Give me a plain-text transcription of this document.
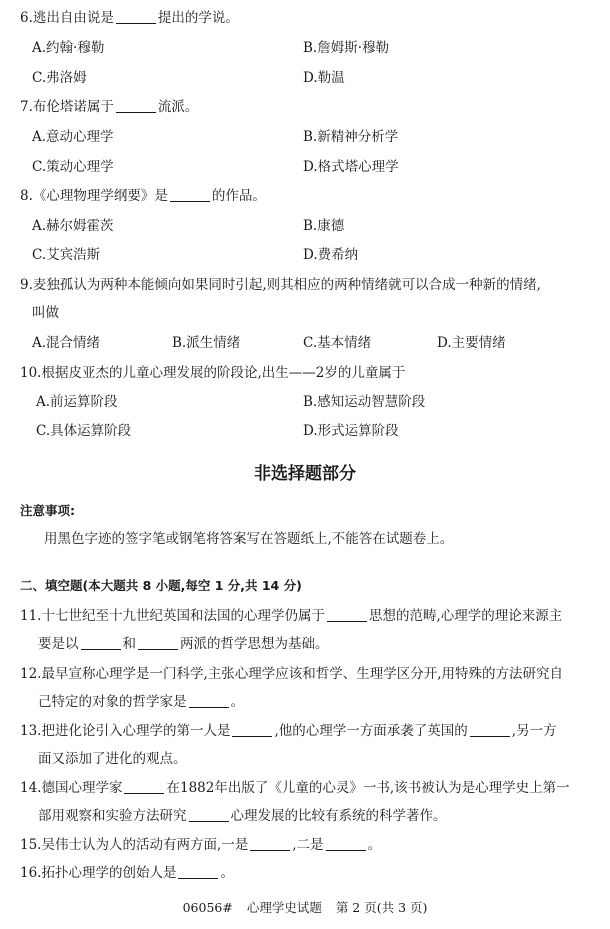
6.逃出自由说是	提出的学说。
A.约翰·穆勒	B.詹姆斯·穆勒
C.弗洛姆	D.勒温
7.布伦塔诺属于	流派。
A.意动心理学	B.新精神分析学
C.策动心理学	D.格式塔心理学
8.《心理物理学纲要》是	的作品。
A.赫尔姆霍茨	B.康德
C.艾宾浩斯	D.费希纳
9.麦独孤认为两种本能倾向如果同时引起,则其相应的两种情绪就可以合成一种新的情绪,
叫做
A.混合情绪	B.派生情绪	C.基本情绪	D.主要情绪
10.根据皮亚杰的儿童心理发展的阶段论,出生——2岁的儿童属于
A.前运算阶段	B.感知运动智慧阶段
C.具体运算阶段	D.形式运算阶段
非选择题部分
注意事项:
用黑色字迹的签字笔或钢笔将答案写在答题纸上,不能答在试题卷上。
二、填空题(本大题共 8 小题,每空 1 分,共 14 分)
11.十七世纪至十九世纪英国和法国的心理学仍属于	思想的范畴,心理学的理论来源主
要是以	和	两派的哲学思想为基础。
12.最早宣称心理学是一门科学,主张心理学应该和哲学、生理学区分开,用特殊的方法研究自
己特定的对象的哲学家是	。
13.把进化论引入心理学的第一人是	,他的心理学一方面承袭了英国的	,另一方
面又添加了进化的观点。
14.德国心理学家	在1882年出版了《儿童的心灵》一书,该书被认为是心理学史上第一
部用观察和实验方法研究	心理发展的比较有系统的科学著作。
15.吴伟士认为人的活动有两方面,一是	,二是	。
16.拓扑心理学的创始人是	。
06056# 心理学史试题 第 2 页(共 3 页)
